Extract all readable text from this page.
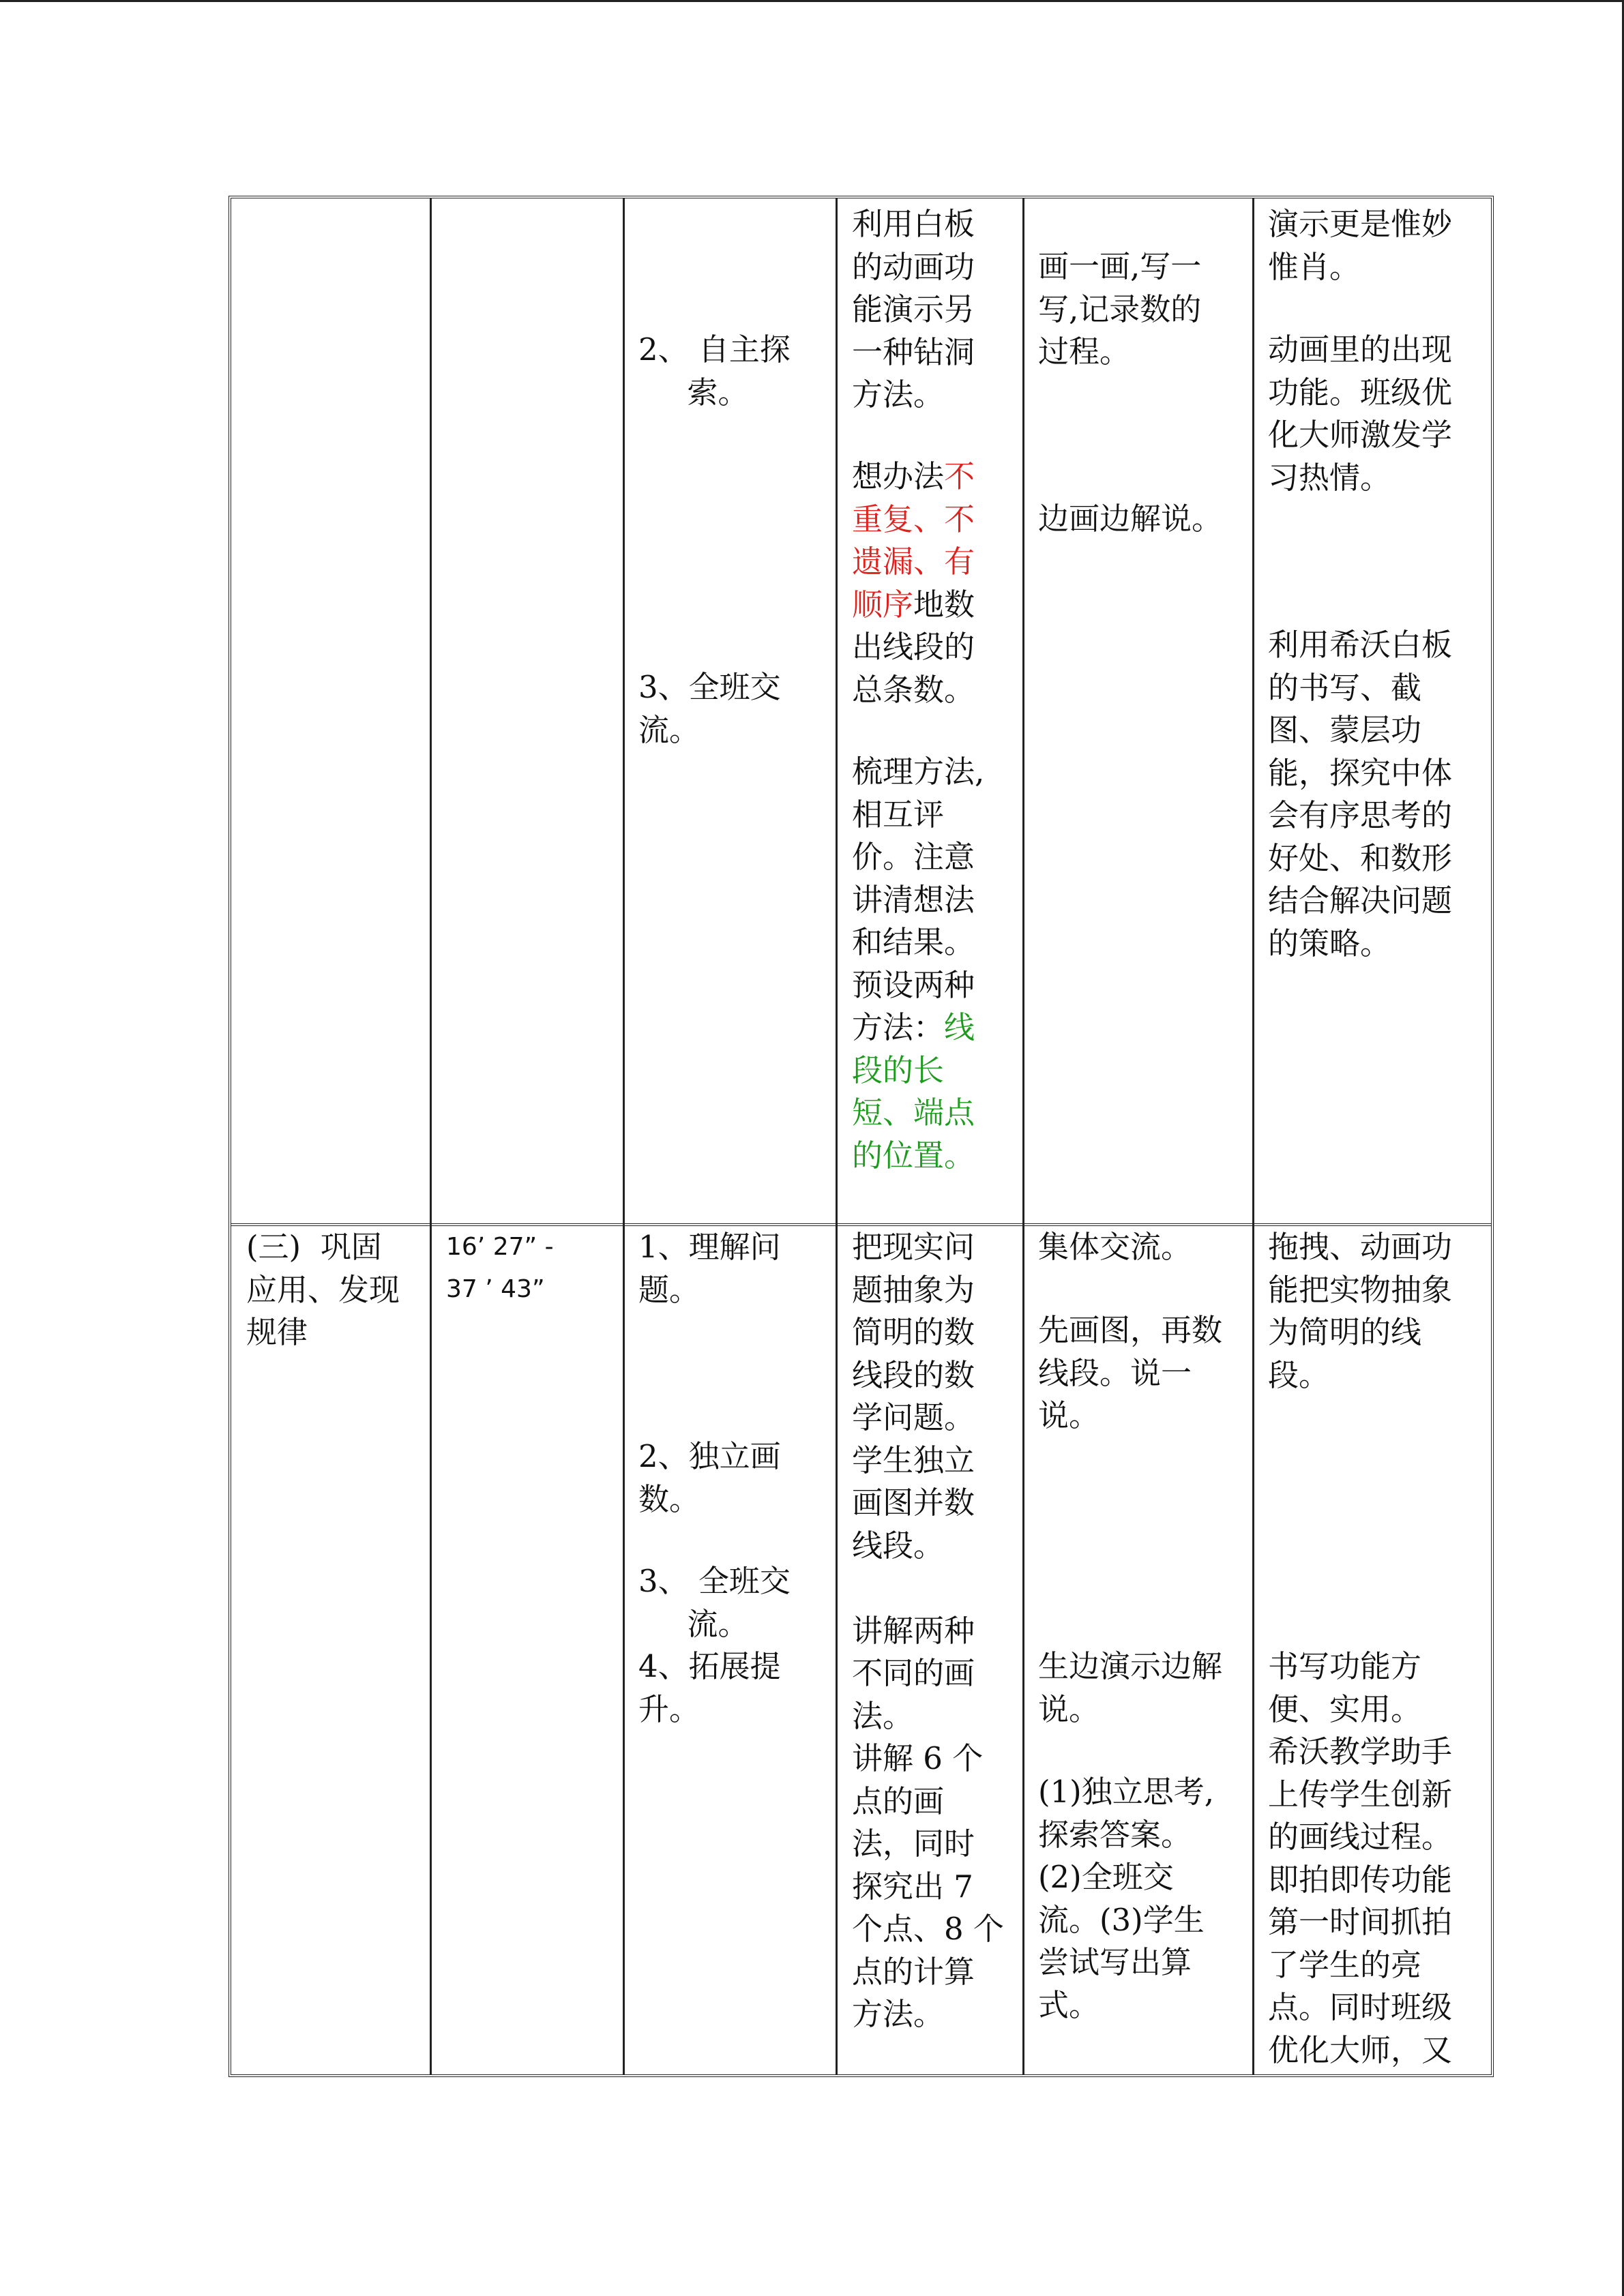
2、 自主探
索。
3、全班交
流。
利用白板
的动画功
能演示另
一种钻洞
方法。
想办法不
重复、不
遗漏、有
顺序地数
出线段的
总条数。
梳理方法,
相互评
价。注意
讲清想法
和结果。
预设两种
方法：线
段的长
短、端点
的位置。
画一画,写一
写,记录数的
过程。
边画边解说。
演示更是惟妙
惟肖。
动画里的出现
功能。班级优
化大师激发学
习热情。
利用希沃白板
的书写、截
图、蒙层功
能，探究中体
会有序思考的
好处、和数形
结合解决问题
的策略。
(三)  巩固
应用、发现
规律
16’ 27” -
37 ’ 43”
1、理解问
题。
2、独立画
数。
3、 全班交
流。
4、拓展提
升。
把现实问
题抽象为
简明的数
线段的数
学问题。
学生独立
画图并数
线段。

讲解两种
不同的画
法。
讲解 6 个
点的画
法，同时
探究出 7
个点、8 个
点的计算
方法。
集体交流。
先画图，再数
线段。说一
说。
生边演示边解
说。
(1)独立思考,
探索答案。
(2)全班交
流。(3)学生
尝试写出算
式。
拖拽、动画功
能把实物抽象
为简明的线
段。
书写功能方
便、实用。
希沃教学助手
上传学生创新
的画线过程。
即拍即传功能
第一时间抓拍
了学生的亮
点。同时班级
优化大师，又
